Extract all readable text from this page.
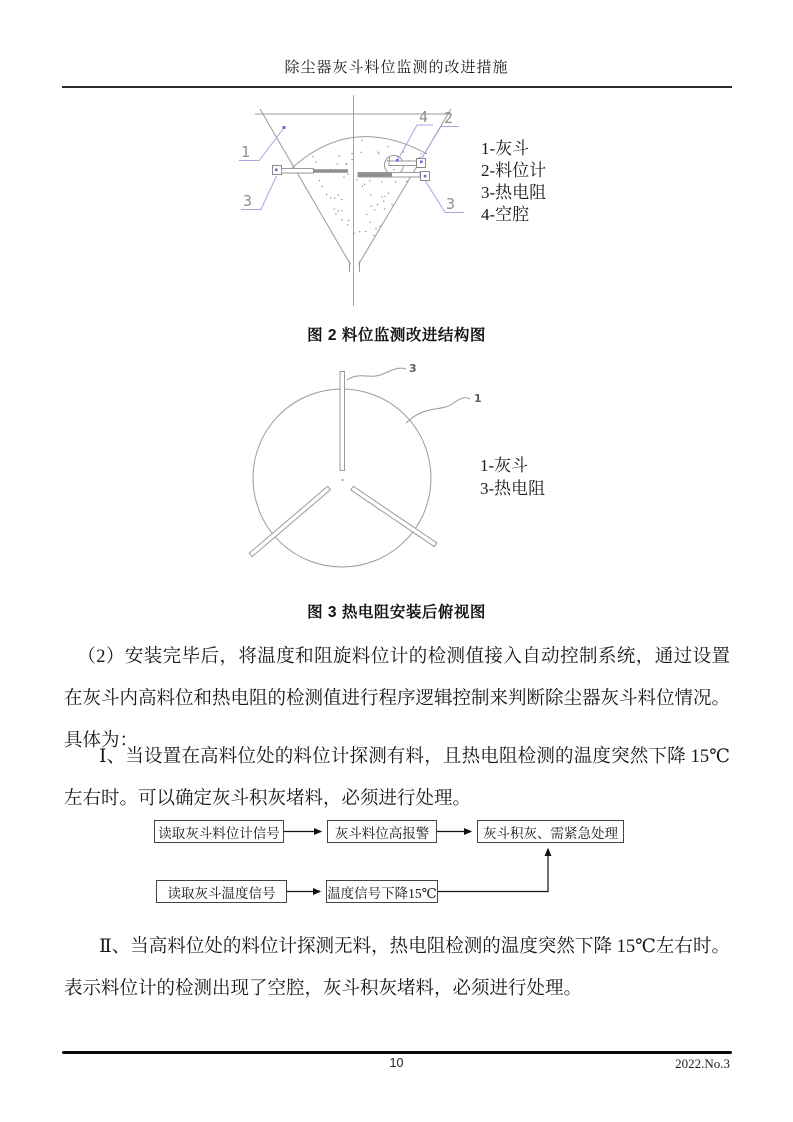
除尘器灰斗料位监测的改进措施
1
3
4 2
3
1-灰斗
2-料位计
3-热电阻
4-空腔
图 2 料位监测改进结构图
3
1
1-灰斗
3-热电阻
图 3 热电阻安装后俯视图
（2）安装完毕后，将温度和阻旋料位计的检测值接入自动控制系统，通过设置在灰斗内高料位和热电阻的检测值进行程序逻辑控制来判断除尘器灰斗料位情况。具体为：
Ⅰ、当设置在高料位处的料位计探测有料，且热电阻检测的温度突然下降 15℃左右时。可以确定灰斗积灰堵料，必须进行处理。
读取灰斗料位计信号	灰斗料位高报警	灰斗积灰、需紧急处理
读取灰斗温度信号	温度信号下降15℃
Ⅱ、当高料位处的料位计探测无料，热电阻检测的温度突然下降 15℃左右时。表示料位计的检测出现了空腔，灰斗积灰堵料，必须进行处理。
10	2022.No.3
